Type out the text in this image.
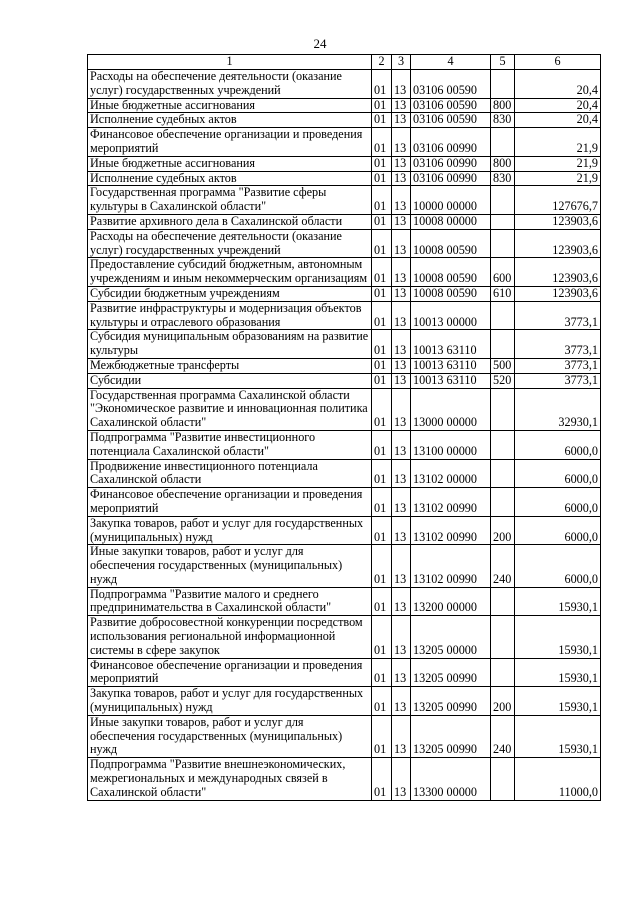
24
1	2	3	4	5	6
Расходы на обеспечение деятельности (оказание услуг) государственных учреждений	01	13	03106 00590		20,4
Иные бюджетные ассигнования	01	13	03106 00590	800	20,4
Исполнение судебных актов	01	13	03106 00590	830	20,4
Финансовое обеспечение организации и проведения мероприятий	01	13	03106 00990		21,9
Иные бюджетные ассигнования	01	13	03106 00990	800	21,9
Исполнение судебных актов	01	13	03106 00990	830	21,9
Государственная программа "Развитие сферы культуры в Сахалинской области"	01	13	10000 00000		127676,7
Развитие архивного дела в Сахалинской области	01	13	10008 00000		123903,6
Расходы на обеспечение деятельности (оказание услуг) государственных учреждений	01	13	10008 00590		123903,6
Предоставление субсидий бюджетным, автономным учреждениям и иным некоммерческим организациям	01	13	10008 00590	600	123903,6
Субсидии бюджетным учреждениям	01	13	10008 00590	610	123903,6
Развитие инфраструктуры и модернизация объектов культуры и отраслевого образования	01	13	10013 00000		3773,1
Субсидия муниципальным образованиям на развитие культуры	01	13	10013 63110		3773,1
Межбюджетные трансферты	01	13	10013 63110	500	3773,1
Субсидии	01	13	10013 63110	520	3773,1
Государственная программа Сахалинской области "Экономическое развитие и инновационная политика Сахалинской области"	01	13	13000 00000		32930,1
Подпрограмма "Развитие инвестиционного потенциала Сахалинской области"	01	13	13100 00000		6000,0
Продвижение инвестиционного потенциала Сахалинской области	01	13	13102 00000		6000,0
Финансовое обеспечение организации и проведения мероприятий	01	13	13102 00990		6000,0
Закупка товаров, работ и услуг для государственных (муниципальных) нужд	01	13	13102 00990	200	6000,0
Иные закупки товаров, работ и услуг для обеспечения государственных (муниципальных) нужд	01	13	13102 00990	240	6000,0
Подпрограмма "Развитие малого и среднего предпринимательства в Сахалинской области"	01	13	13200 00000		15930,1
Развитие добросовестной конкуренции посредством использования региональной информационной системы в сфере закупок	01	13	13205 00000		15930,1
Финансовое обеспечение организации и проведения мероприятий	01	13	13205 00990		15930,1
Закупка товаров, работ и услуг для государственных (муниципальных) нужд	01	13	13205 00990	200	15930,1
Иные закупки товаров, работ и услуг для обеспечения государственных (муниципальных) нужд	01	13	13205 00990	240	15930,1
Подпрограмма "Развитие внешнеэкономических, межрегиональных и международных связей в Сахалинской области"	01	13	13300 00000		11000,0
